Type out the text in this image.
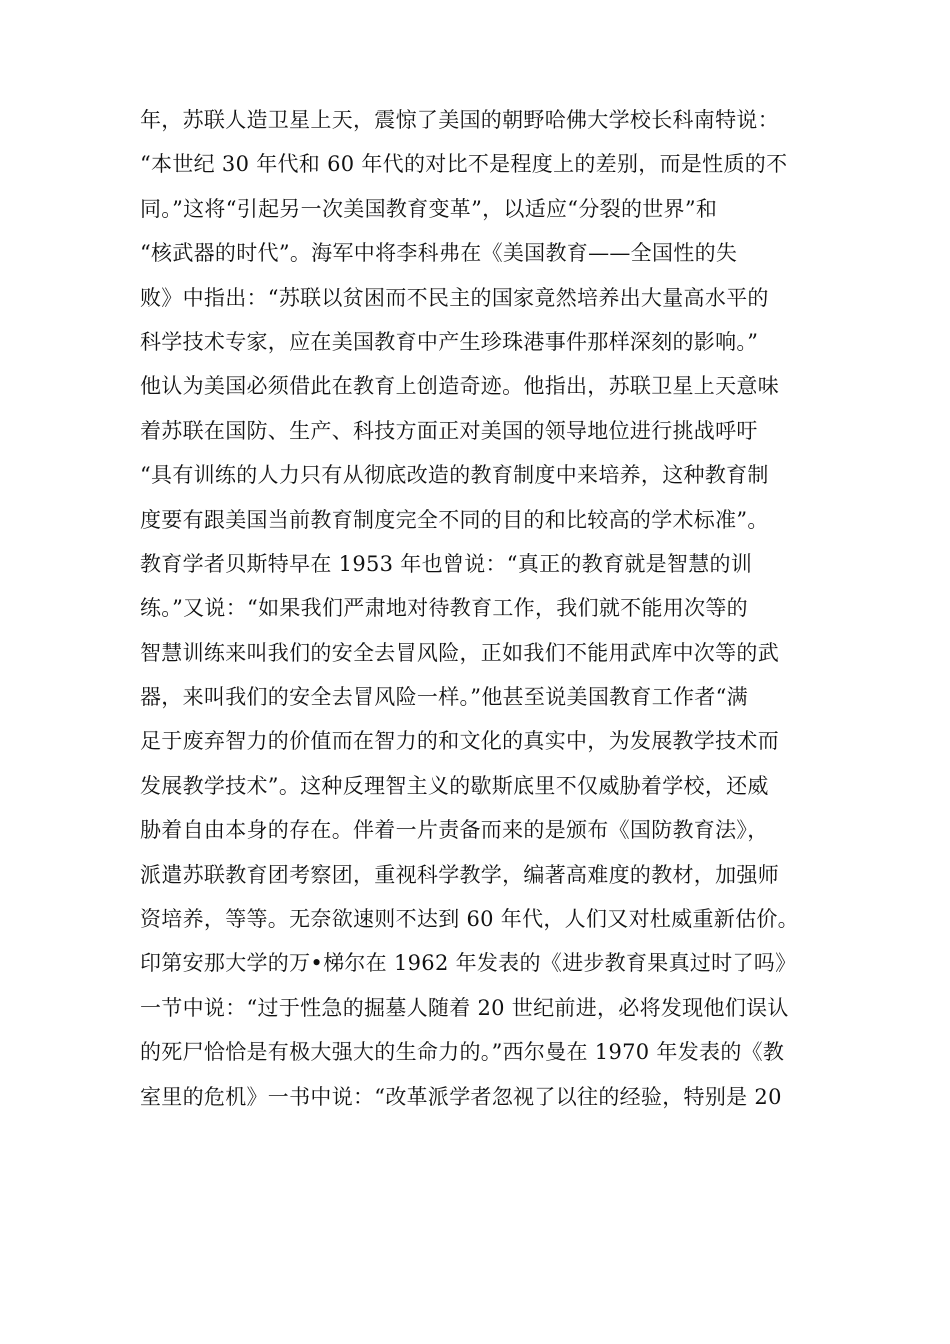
年，苏联人造卫星上天，震惊了美国的朝野哈佛大学校长科南特说：
“本世纪 30 年代和 60 年代的对比不是程度上的差别，而是性质的不
同。”这将“引起另一次美国教育变革”，以适应“分裂的世界”和
“核武器的时代”。海军中将李科弗在《美国教育——全国性的失
败》中指出：“苏联以贫困而不民主的国家竟然培养出大量高水平的
科学技术专家，应在美国教育中产生珍珠港事件那样深刻的影响。”
他认为美国必须借此在教育上创造奇迹。他指出，苏联卫星上天意味
着苏联在国防、生产、科技方面正对美国的领导地位进行挑战呼吁
“具有训练的人力只有从彻底改造的教育制度中来培养，这种教育制
度要有跟美国当前教育制度完全不同的目的和比较高的学术标准”。
教育学者贝斯特早在 1953 年也曾说：“真正的教育就是智慧的训
练。”又说：“如果我们严肃地对待教育工作，我们就不能用次等的
智慧训练来叫我们的安全去冒风险，正如我们不能用武库中次等的武
器，来叫我们的安全去冒风险一样。”他甚至说美国教育工作者“满
足于废弃智力的价值而在智力的和文化的真实中，为发展教学技术而
发展教学技术”。这种反理智主义的歇斯底里不仅威胁着学校，还威
胁着自由本身的存在。伴着一片责备而来的是颁布《国防教育法》，
派遣苏联教育团考察团，重视科学教学，编著高难度的教材，加强师
资培养，等等。无奈欲速则不达到 60 年代，人们又对杜威重新估价。
印第安那大学的万•梯尔在 1962 年发表的《进步教育果真过时了吗》
一节中说：“过于性急的掘墓人随着 20 世纪前进，必将发现他们误认
的死尸恰恰是有极大强大的生命力的。”西尔曼在 1970 年发表的《教
室里的危机》一书中说：“改革派学者忽视了以往的经验，特别是 20
